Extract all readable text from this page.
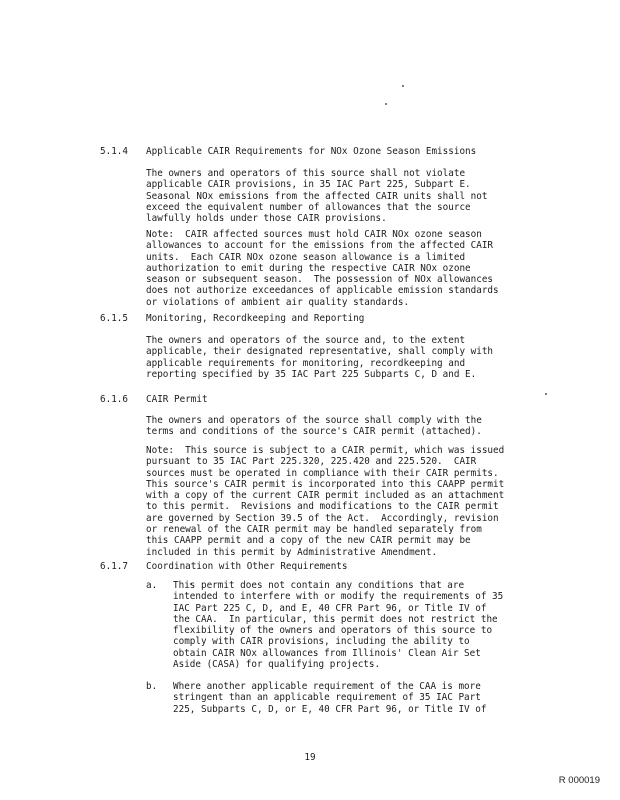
5.1.4	Applicable CAIR Requirements for NOx Ozone Season Emissions
The owners and operators of this source shall not violate
applicable CAIR provisions, in 35 IAC Part 225, Subpart E.
Seasonal NOx emissions from the affected CAIR units shall not
exceed the equivalent number of allowances that the source
lawfully holds under those CAIR provisions.
Note:  CAIR affected sources must hold CAIR NOx ozone season
allowances to account for the emissions from the affected CAIR
units.  Each CAIR NOx ozone season allowance is a limited
authorization to emit during the respective CAIR NOx ozone
season or subsequent season.  The possession of NOx allowances
does not authorize exceedances of applicable emission standards
or violations of ambient air quality standards.
6.1.5	Monitoring, Recordkeeping and Reporting
The owners and operators of the source and, to the extent
applicable, their designated representative, shall comply with
applicable requirements for monitoring, recordkeeping and
reporting specified by 35 IAC Part 225 Subparts C, D and E.
6.1.6	CAIR Permit
The owners and operators of the source shall comply with the
terms and conditions of the source's CAIR permit (attached).
Note:  This source is subject to a CAIR permit, which was issued
pursuant to 35 IAC Part 225.320, 225.420 and 225.520.  CAIR
sources must be operated in compliance with their CAIR permits.
This source's CAIR permit is incorporated into this CAAPP permit
with a copy of the current CAIR permit included as an attachment
to this permit.  Revisions and modifications to the CAIR permit
are governed by Section 39.5 of the Act.  Accordingly, revision
or renewal of the CAIR permit may be handled separately from
this CAAPP permit and a copy of the new CAIR permit may be
included in this permit by Administrative Amendment.
6.1.7	Coordination with Other Requirements
a. This permit does not contain any conditions that are
intended to interfere with or modify the requirements of 35
IAC Part 225 C, D, and E, 40 CFR Part 96, or Title IV of
the CAA.  In particular, this permit does not restrict the
flexibility of the owners and operators of this source to
comply with CAIR provisions, including the ability to
obtain CAIR NOx allowances from Illinois' Clean Air Set
Aside (CASA) for qualifying projects.
b. Where another applicable requirement of the CAA is more
stringent than an applicable requirement of 35 IAC Part
225, Subparts C, D, or E, 40 CFR Part 96, or Title IV of
19
R 000019
